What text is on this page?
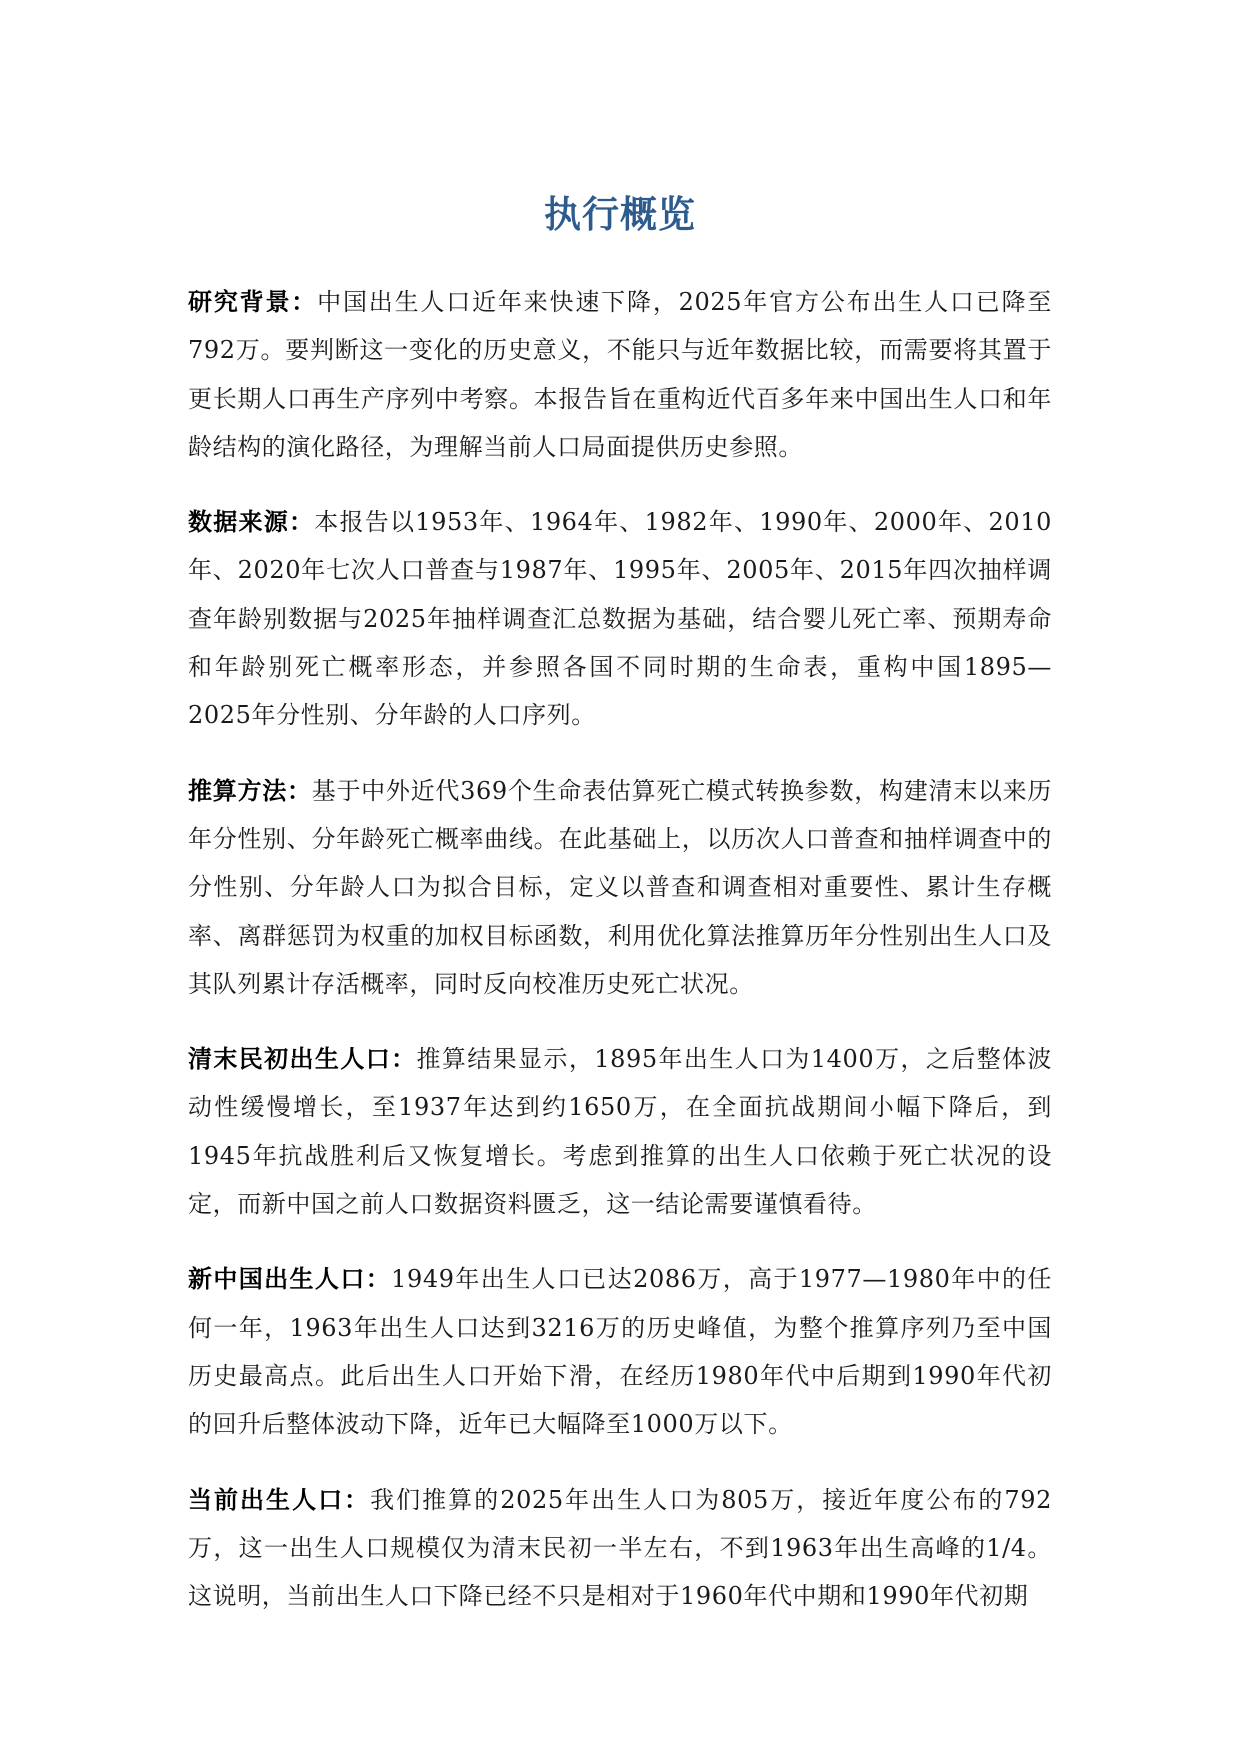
执行概览

研究背景：中国出生人口近年来快速下降，2025年官方公布出生人口已降至792万。要判断这一变化的历史意义，不能只与近年数据比较，而需要将其置于更长期人口再生产序列中考察。本报告旨在重构近代百多年来中国出生人口和年龄结构的演化路径，为理解当前人口局面提供历史参照。

数据来源：本报告以1953年、1964年、1982年、1990年、2000年、2010年、2020年七次人口普查与1987年、1995年、2005年、2015年四次抽样调查年龄别数据与2025年抽样调查汇总数据为基础，结合婴儿死亡率、预期寿命和年龄别死亡概率形态，并参照各国不同时期的生命表，重构中国1895—2025年分性别、分年龄的人口序列。

推算方法：基于中外近代369个生命表估算死亡模式转换参数，构建清末以来历年分性别、分年龄死亡概率曲线。在此基础上，以历次人口普查和抽样调查中的分性别、分年龄人口为拟合目标，定义以普查和调查相对重要性、累计生存概率、离群惩罚为权重的加权目标函数，利用优化算法推算历年分性别出生人口及其队列累计存活概率，同时反向校准历史死亡状况。

清末民初出生人口：推算结果显示，1895年出生人口为1400万，之后整体波动性缓慢增长，至1937年达到约1650万，在全面抗战期间小幅下降后，到1945年抗战胜利后又恢复增长。考虑到推算的出生人口依赖于死亡状况的设定，而新中国之前人口数据资料匮乏，这一结论需要谨慎看待。

新中国出生人口：1949年出生人口已达2086万，高于1977—1980年中的任何一年，1963年出生人口达到3216万的历史峰值，为整个推算序列乃至中国历史最高点。此后出生人口开始下滑，在经历1980年代中后期到1990年代初的回升后整体波动下降，近年已大幅降至1000万以下。

当前出生人口：我们推算的2025年出生人口为805万，接近年度公布的792万，这一出生人口规模仅为清末民初一半左右，不到1963年出生高峰的1/4。这说明，当前出生人口下降已经不只是相对于1960年代中期和1990年代初期
